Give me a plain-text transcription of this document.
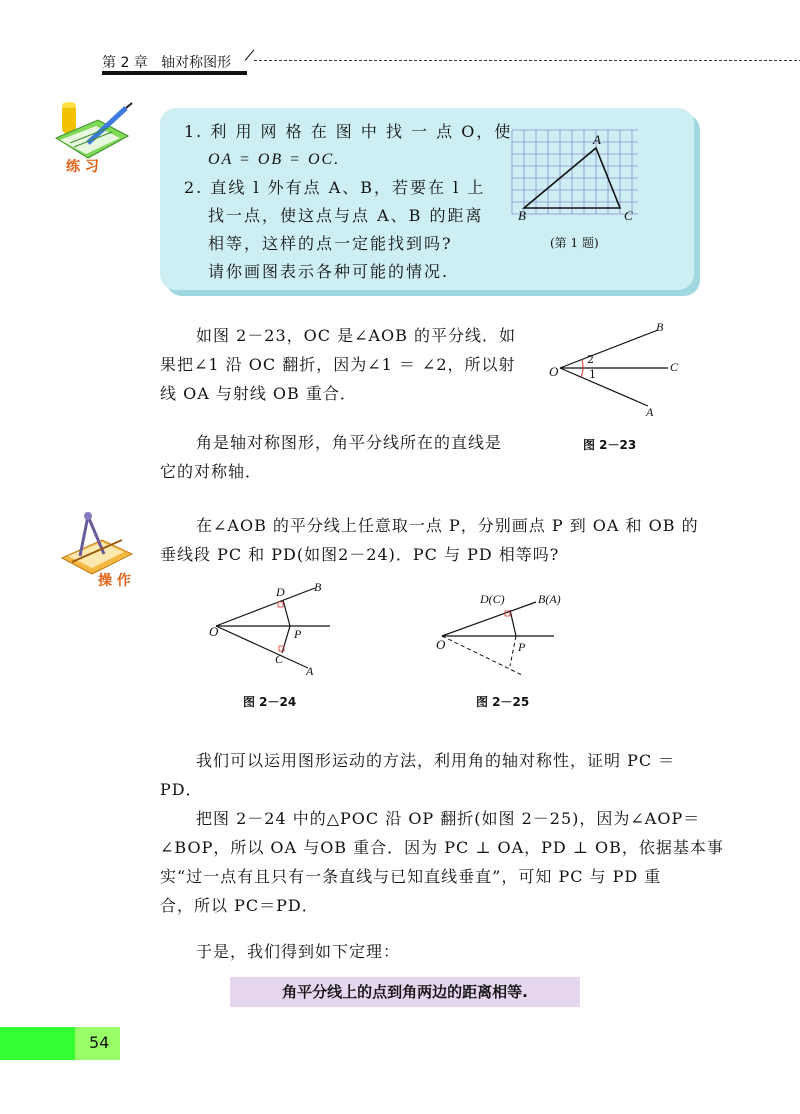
第 2 章 轴对称图形
练 习
1. 利 用 网 格 在 图 中 找 一 点 O，使
OA = OB = OC.
2. 直线 l 外有点 A、B，若要在 l 上
找一点，使这点与点 A、B 的距离
相等，这样的点一定能找到吗?
请你画图表示各种可能的情况.
A
B	C
(第 1 题)
如图 2－23，OC 是∠AOB 的平分线．如
果把∠1 沿 OC 翻折，因为∠1 ＝ ∠2，所以射
线 OA 与射线 OB 重合．
角是轴对称图形，角平分线所在的直线是
它的对称轴．
O
B
C
A
2
1
图 2－23
操 作
在∠AOB 的平分线上任意取一点 P，分别画点 P 到 OA 和 OB 的
垂线段 PC 和 PD(如图2－24)．PC 与 PD 相等吗?
O
D B
P
C
A
图 2－24
O
D(C)	B(A)
P
图 2－25
我们可以运用图形运动的方法，利用角的轴对称性，证明 PC ＝
PD．
把图 2－24 中的△POC 沿 OP 翻折(如图 2－25)，因为∠AOP＝
∠BOP，所以 OA 与OB 重合．因为 PC ⊥ OA，PD ⊥ OB，依据基本事
实“过一点有且只有一条直线与已知直线垂直”，可知 PC 与 PD 重
合，所以 PC＝PD．
于是，我们得到如下定理：
角平分线上的点到角两边的距离相等.
54
